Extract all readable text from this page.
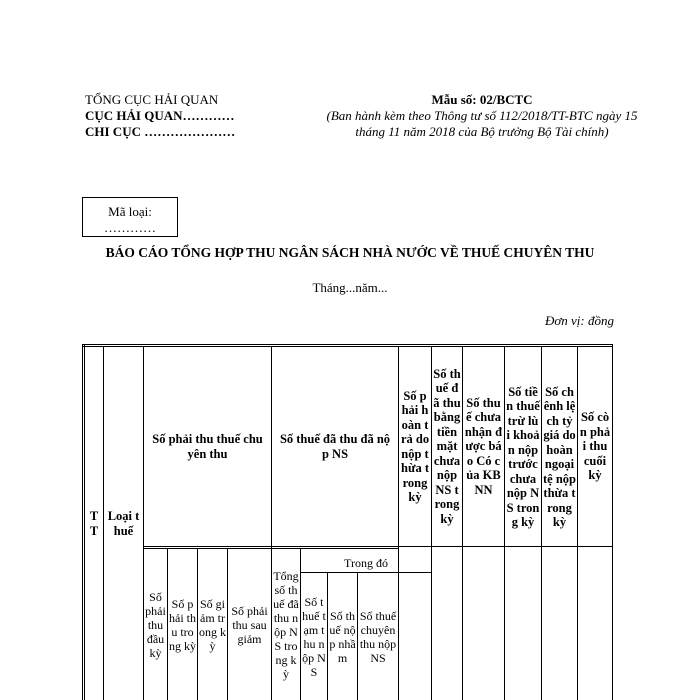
TỔNG CỤC HẢI QUAN
CỤC HẢI QUAN…………
CHI CỤC …………………
Mẫu số: 02/BCTC
(Ban hành kèm theo Thông tư số 112/2018/TT-BTC ngày 15 tháng 11 năm 2018 của Bộ trưởng Bộ Tài chính)
Mã loại:
…………
BÁO CÁO TỔNG HỢP THU NGÂN SÁCH NHÀ NƯỚC VỀ THUẾ CHUYÊN THU
Tháng...năm...
Đơn vị: đồng
TT
Loại thuế
Số phải thu thuế chuyên thu
Số thuế đã thu đã nộp NS
Số phải hoàn trả do nộp thừa trong kỳ
Số thuế đã thu bằng tiền mặt chưa nộp NS trong kỳ
Số thuế chưa nhận được báo Có của KBNN
Số tiền thuế trừ lùi khoản nộp trước chưa nộp NS trong kỳ
Số chênh lệch tỷ giá do hoàn ngoại tệ nộp thừa trong kỳ
Số còn phải thu cuối kỳ
Số phải thu đầu kỳ
Số phải thu trong kỳ
Số giảm trong kỳ
Số phải thu sau giảm
Tổng số thuế đã thu nộp NS trong kỳ
Trong đó
Số thuế tạm thu nộp NS
Số thuế nộp nhầm
Số thuế chuyên thu nộp NS
